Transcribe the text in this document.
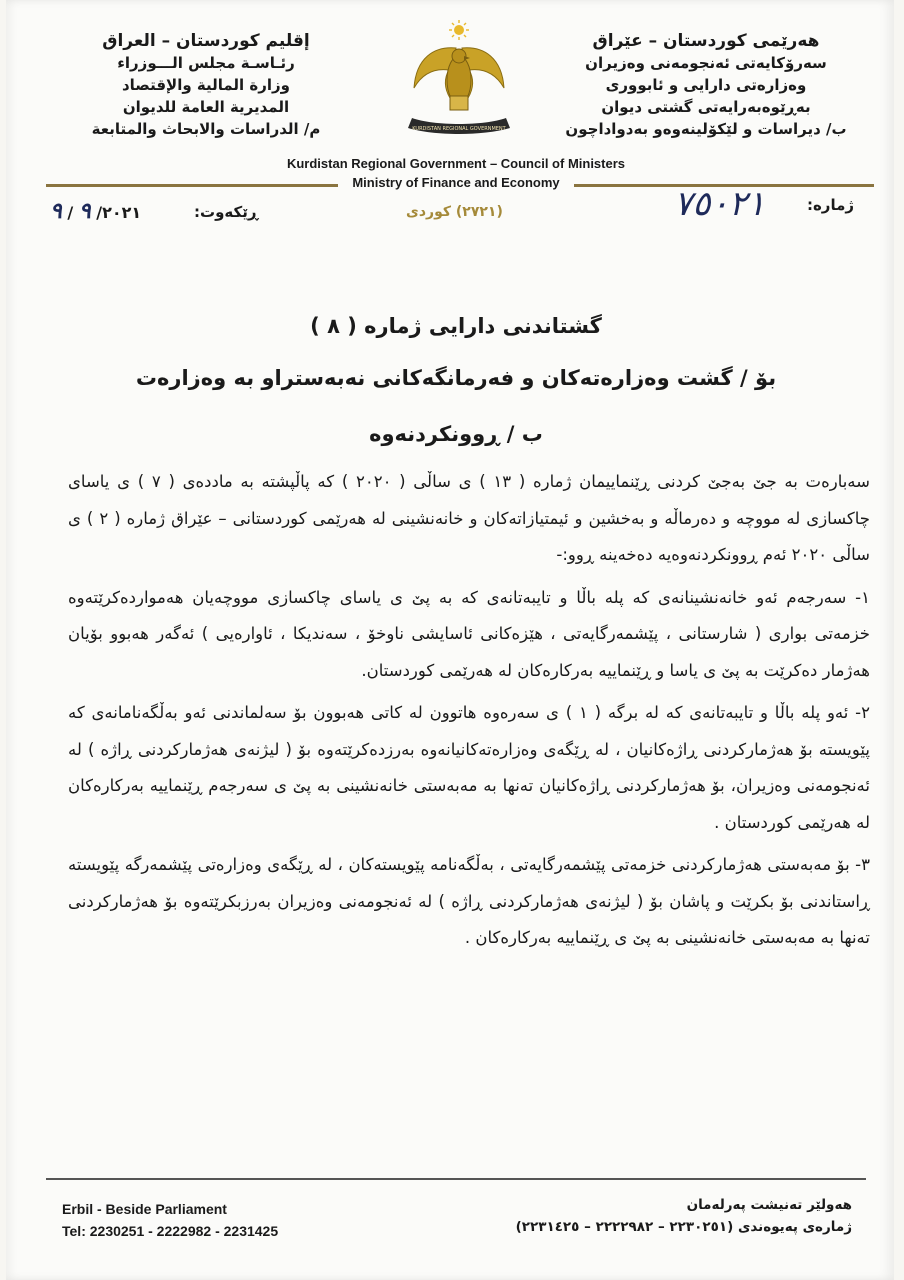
هەرێمی کوردستان – عێراق
سەرۆکایەتی ئەنجومەنی وەزیران
وەزارەتی دارایی و ئابووری
بەڕێوەبەرایەتی گشتی دیوان
ب/ دیراسات و لێکۆلینەوەو بەدواداچون
KURDISTAN REGIONAL GOVERNMENT
إقليم كوردستان – العراق
رئـاسـة مجلس الـــوزراء
وزارة المالية والإقتصاد
المديرية العامة للديوان
م/ الدراسات والابحاث والمتابعة
Kurdistan Regional Government – Council of Ministers
Ministry of Finance and Economy
ژمارە:
٧٥٠٢١
(٢٧٢١) كوردی
ڕێکەوت:
٢٠٢١/ ٩ / ٩
گشتاندنی دارایی ژمارە ( ٨ )
بۆ / گشت وەزارەتەکان و فەرمانگەکانی نەبەستراو بە وەزارەت
ب / ڕوونکردنەوە

سەبارەت بە جێ بەجێ کردنی ڕێنماییمان ژمارە ( ١٣ ) ی ساڵی ( ٢٠٢٠ ) کە پاڵپشتە بە ماددەی ( ٧ ) ی یاسای چاکسازی لە مووچە و دەرماڵە و بەخشین و ئیمتیازاتەکان و خانەنشینی لە هەرێمی کوردستانی – عێراق ژمارە ( ٢ ) ی ساڵی ٢٠٢٠ ئەم ڕوونکردنەوەیە دەخەینە ڕوو:-

١- سەرجەم ئەو خانەنشینانەی کە پلە باڵا و تایبەتانەی کە بە پێ ی یاسای چاکسازی مووچەیان هەمواردەکرێتەوە خزمەتی بواری ( شارستانی ، پێشمەرگایەتی ، هێزەکانی ئاسایشی ناوخۆ ، سەندیکا ، ئاوارەیی ) ئەگەر هەبوو بۆیان هەژمار دەکرێت بە پێ ی یاسا و ڕێنماییە بەرکارەکان لە هەرێمی کوردستان.

٢- ئەو پلە باڵا و تایبەتانەی کە لە برگە ( ١ ) ی سەرەوە هاتوون لە کاتی هەبوون بۆ سەلماندنی ئەو بەڵگەنامانەی کە پێویستە بۆ هەژمارکردنی ڕاژەکانیان ، لە ڕێگەی وەزارەتەکانیانەوە بەرزدەکرێتەوە بۆ ( لیژنەی هەژمارکردنی ڕاژە ) لە ئەنجومەنی وەزیران، بۆ هەژمارکردنی ڕاژەکانیان تەنها بە مەبەستی خانەنشینی بە پێ ی سەرجەم ڕێنماییە بەرکارەکان لە هەرێمی کوردستان .

٣- بۆ مەبەستی هەژمارکردنی خزمەتی پێشمەرگایەتی ، بەڵگەنامە پێویستەکان ، لە ڕێگەی وەزارەتی پێشمەرگە پێویستە ڕاستاندنی بۆ بکرێت و پاشان بۆ ( لیژنەی هەژمارکردنی ڕاژە ) لە ئەنجومەنی وەزیران بەرزبکرێتەوە بۆ هەژمارکردنی تەنها بە مەبەستی خانەنشینی بە پێ ی ڕێنماییە بەرکارەکان .

Erbil - Beside Parliament
Tel: 2230251 - 2222982 - 2231425
هەولێر تەنیشت پەرلەمان
ژمارەی پەیوەندی (٢٢٣٠٢٥١ – ٢٢٢٢٩٨٢ – ٢٢٣١٤٢٥)
